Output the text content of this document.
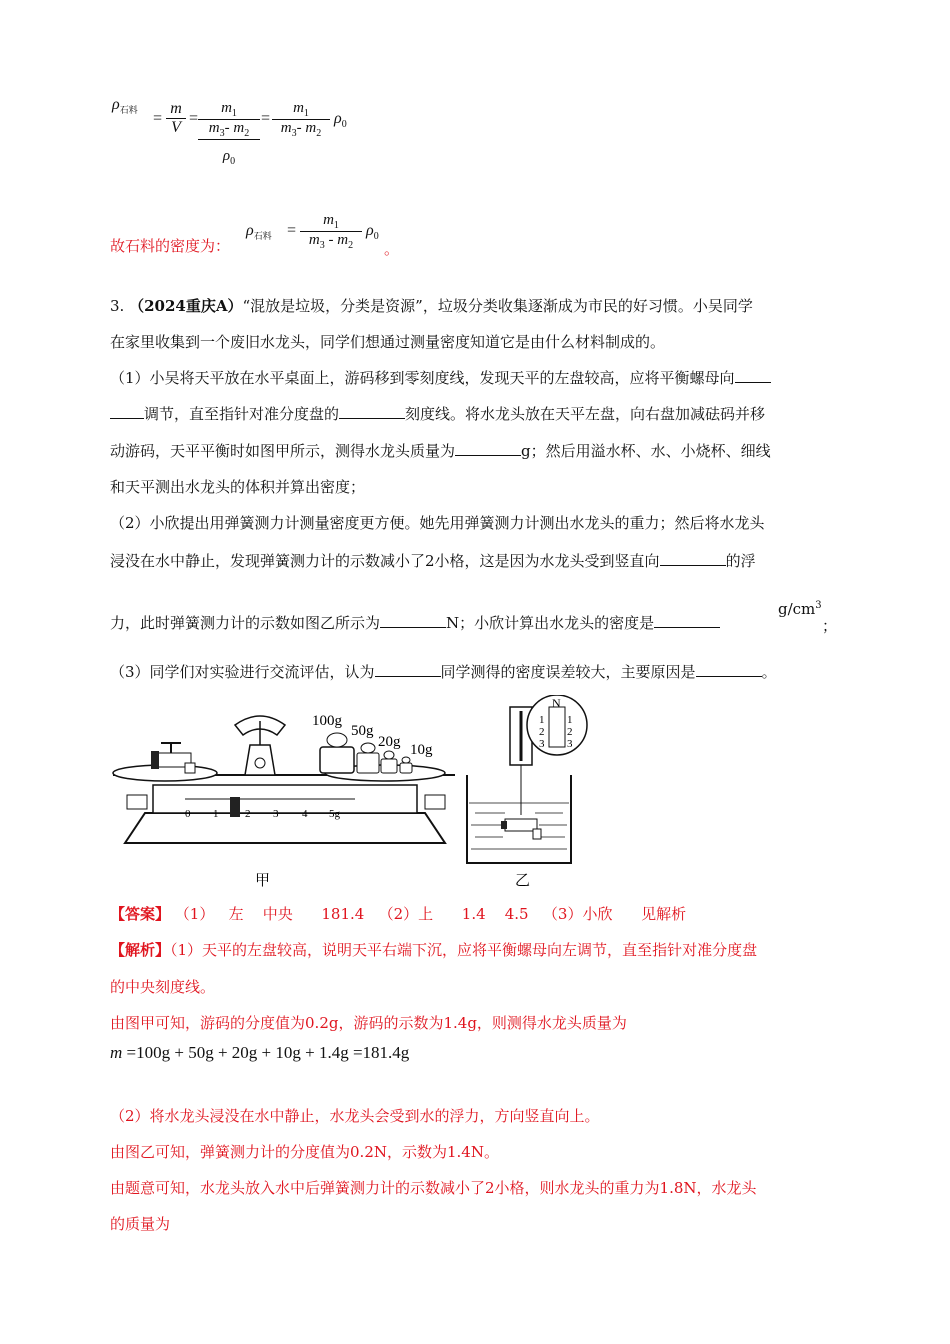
$\rho_{石料} = \frac{m}{V}$ =
$m_1$
$m_3-$ $m_2$
$\rho_0$
=
$m_1$
$m_3-$ $m_2$
$\rho_0$
故石料的密度为：
$\rho_{石料}$ =
$m_1$
$m_3 - m_2$
$\rho_0$
。
3. （2024重庆A）“混放是垃圾，分类是资源”，垃圾分类收集逐渐成为市民的好习惯。小吴同学
在家里收集到一个废旧水龙头，同学们想通过测量密度知道它是由什么材料制成的。
（1）小吴将天平放在水平桌面上，游码移到零刻度线，发现天平的左盘较高，应将平衡螺母向
调节，直至指针对准分度盘的	刻度线。将水龙头放在天平左盘，向右盘加减砝码并移
动游码，天平平衡时如图甲所示，测得水龙头质量为	g；然后用溢水杯、水、小烧杯、细线
和天平测出水龙头的体积并算出密度；
（2）小欣提出用弹簧测力计测量密度更方便。她先用弹簧测力计测出水龙头的重力；然后将水龙头
浸没在水中静止，发现弹簧测力计的示数减小了2小格，这是因为水龙头受到竖直向	的浮
力，此时弹簧测力计的示数如图乙所示为	N；小欣计算出水龙头的密度是
$g/cm^3$
；
（3）同学们对实验进行交流评估，认为	同学测得的密度误差较大，主要原因是	。
100g
50g
20g 10g
0 1 2 3 4 5g
N
1
2
3
1
2
3
甲	乙
【答案】 （1） 左 中央 181.4 （2）上 1.4 4.5 （3）小欣 见解析
【解析】（1）天平的左盘较高，说明天平右端下沉，应将平衡螺母向左调节，直至指针对准分度盘
的中央刻度线。
由图甲可知，游码的分度值为0.2g，游码的示数为1.4g，则测得水龙头质量为
m =100g + 50g + 20g + 10g + 1.4g =181.4g
（2）将水龙头浸没在水中静止，水龙头会受到水的浮力，方向竖直向上。
由图乙可知，弹簧测力计的分度值为0.2N，示数为1.4N。
由题意可知，水龙头放入水中后弹簧测力计的示数减小了2小格，则水龙头的重力为1.8N，水龙头
的质量为
